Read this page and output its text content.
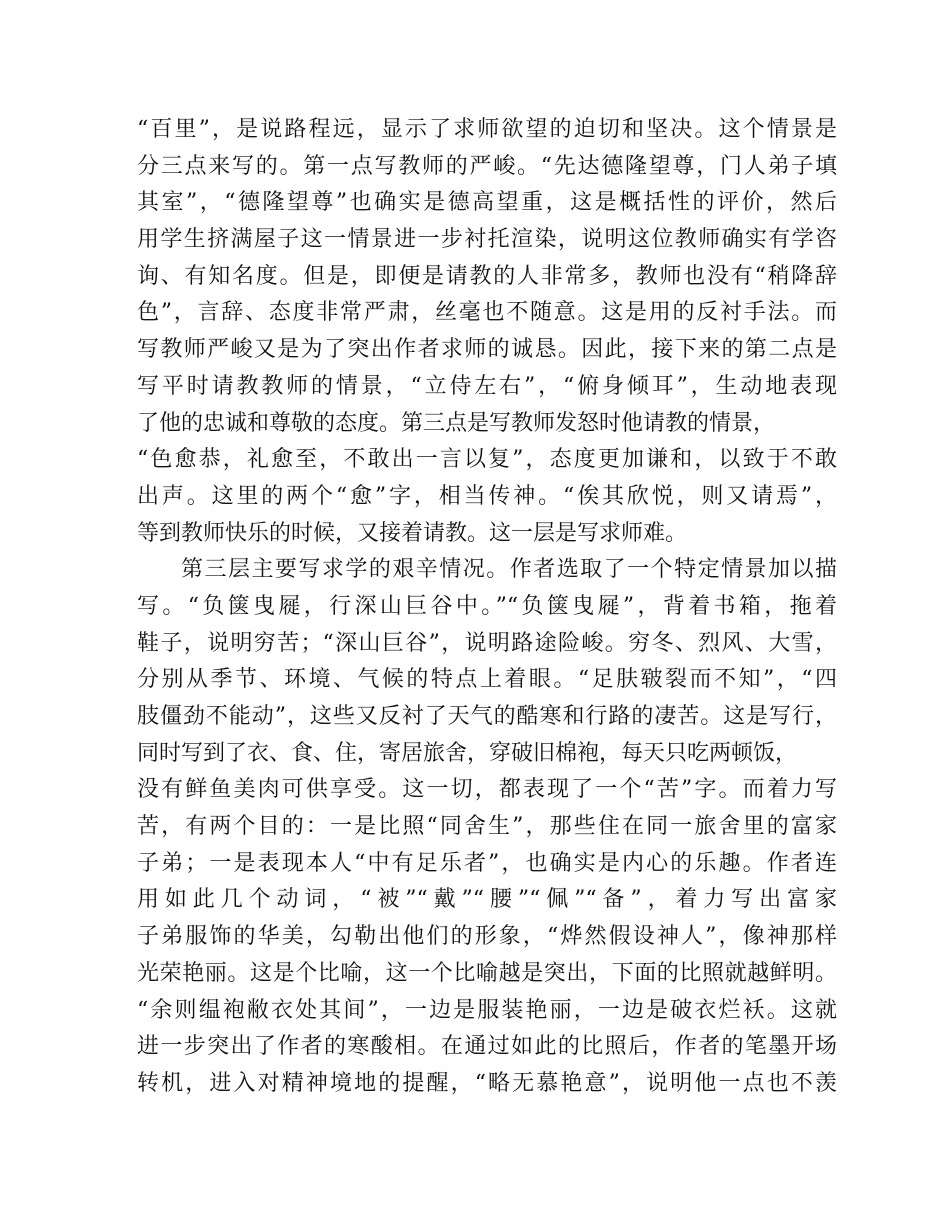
“百里”，是说路程远，显示了求师欲望的迫切和坚决。这个情景是
分三点来写的。第一点写教师的严峻。“先达德隆望尊，门人弟子填
其室”，“德隆望尊”也确实是德高望重，这是概括性的评价，然后
用学生挤满屋子这一情景进一步衬托渲染，说明这位教师确实有学咨
询、有知名度。但是，即便是请教的人非常多，教师也没有“稍降辞
色”，言辞、态度非常严肃，丝毫也不随意。这是用的反衬手法。而
写教师严峻又是为了突出作者求师的诚恳。因此，接下来的第二点是
写平时请教教师的情景，“立侍左右”，“俯身倾耳”，生动地表现
了他的忠诚和尊敬的态度。第三点是写教师发怒时他请教的情景，
“色愈恭，礼愈至，不敢出一言以复”，态度更加谦和，以致于不敢
出声。这里的两个“愈”字，相当传神。“俟其欣悦，则又请焉”，
等到教师快乐的时候，又接着请教。这一层是写求师难。
第三层主要写求学的艰辛情况。作者选取了一个特定情景加以描
写。“负箧曳屣，行深山巨谷中。”“负箧曳屣”，背着书箱，拖着
鞋子，说明穷苦；“深山巨谷”，说明路途险峻。穷冬、烈风、大雪，
分别从季节、环境、气候的特点上着眼。“足肤皲裂而不知”，“四
肢僵劲不能动”，这些又反衬了天气的酷寒和行路的凄苦。这是写行，
同时写到了衣、食、住，寄居旅舍，穿破旧棉袍，每天只吃两顿饭，
没有鲜鱼美肉可供享受。这一切，都表现了一个“苦”字。而着力写
苦，有两个目的：一是比照“同舍生”，那些住在同一旅舍里的富家
子弟；一是表现本人“中有足乐者”，也确实是内心的乐趣。作者连
用如此几个动词，“被”“戴”“腰”“佩”“备”，着力写出富家
子弟服饰的华美，勾勒出他们的形象，“烨然假设神人”，像神那样
光荣艳丽。这是个比喻，这一个比喻越是突出，下面的比照就越鲜明。
“余则缊袍敝衣处其间”，一边是服装艳丽，一边是破衣烂袄。这就
进一步突出了作者的寒酸相。在通过如此的比照后，作者的笔墨开场
转机，进入对精神境地的提醒，“略无慕艳意”，说明他一点也不羡
